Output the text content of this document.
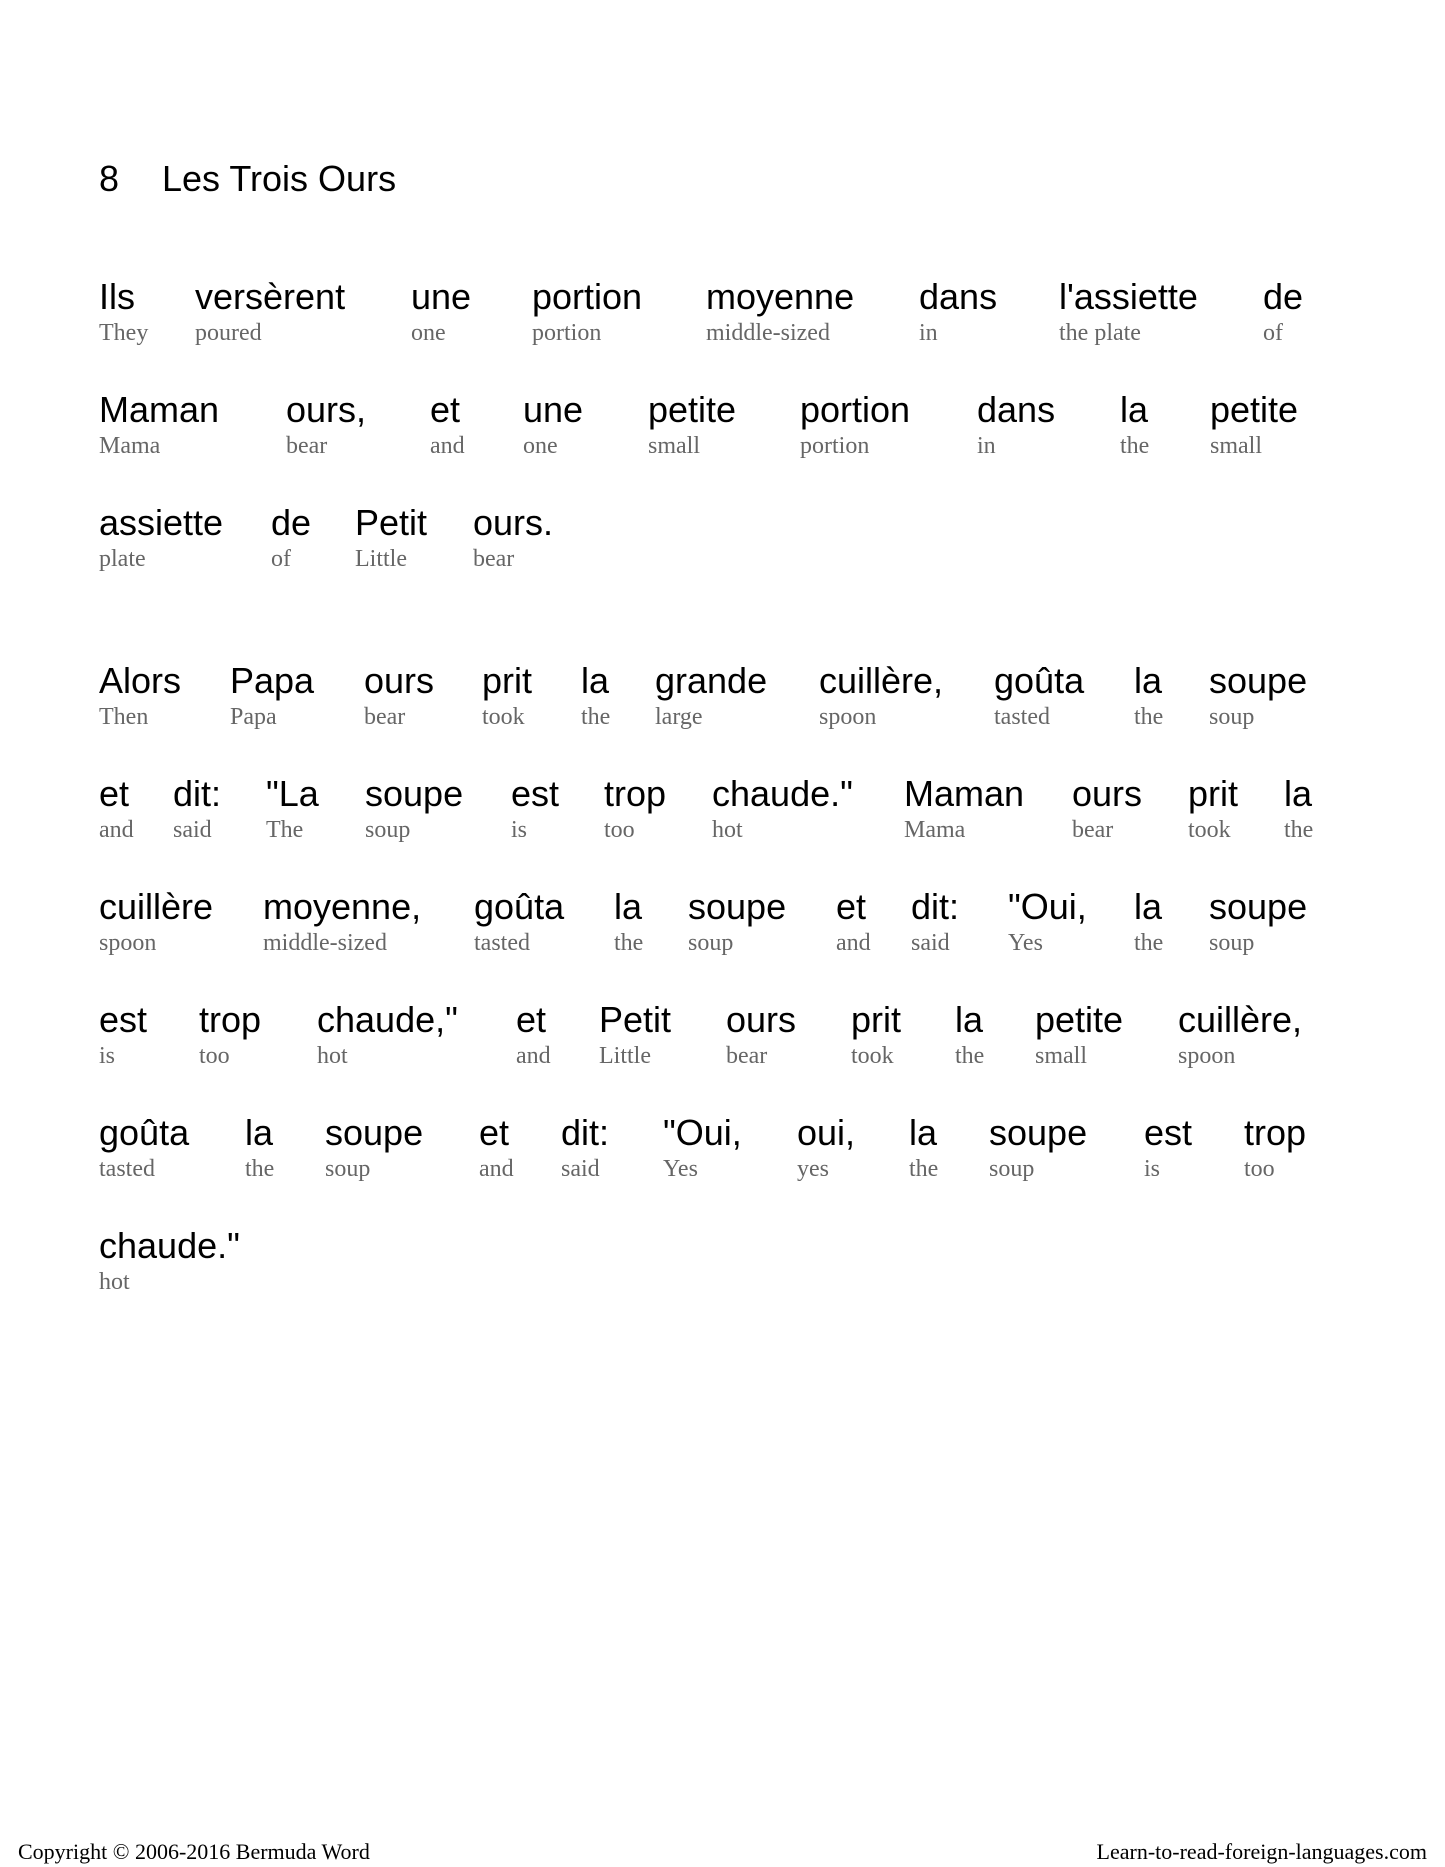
8 Les Trois Ours
Ils
They
versèrent
poured
une
one
portion
portion
moyenne
middle-sized
dans
in
l'assiette
the plate
de
of
Maman
Mama
ours,
bear
et
and
une
one
petite
small
portion
portion
dans
in
la
the
petite
small
assiette
plate
de
of
Petit
Little
ours.
bear
Alors
Then
Papa
Papa
ours
bear
prit
took
la
the
grande
large
cuillère,
spoon
goûta
tasted
la
the
soupe
soup
et
and
dit:
said
"La
The
soupe
soup
est
is
trop
too
chaude."
hot
Maman
Mama
ours
bear
prit
took
la
the
cuillère
spoon
moyenne,
middle-sized
goûta
tasted
la
the
soupe
soup
et
and
dit:
said
"Oui,
Yes
la
the
soupe
soup
est
is
trop
too
chaude,"
hot
et
and
Petit
Little
ours
bear
prit
took
la
the
petite
small
cuillère,
spoon
goûta
tasted
la
the
soupe
soup
et
and
dit:
said
"Oui,
Yes
oui,
yes
la
the
soupe
soup
est
is
trop
too
chaude."
hot
Copyright © 2006-2016 Bermuda Word	Learn-to-read-foreign-languages.com
